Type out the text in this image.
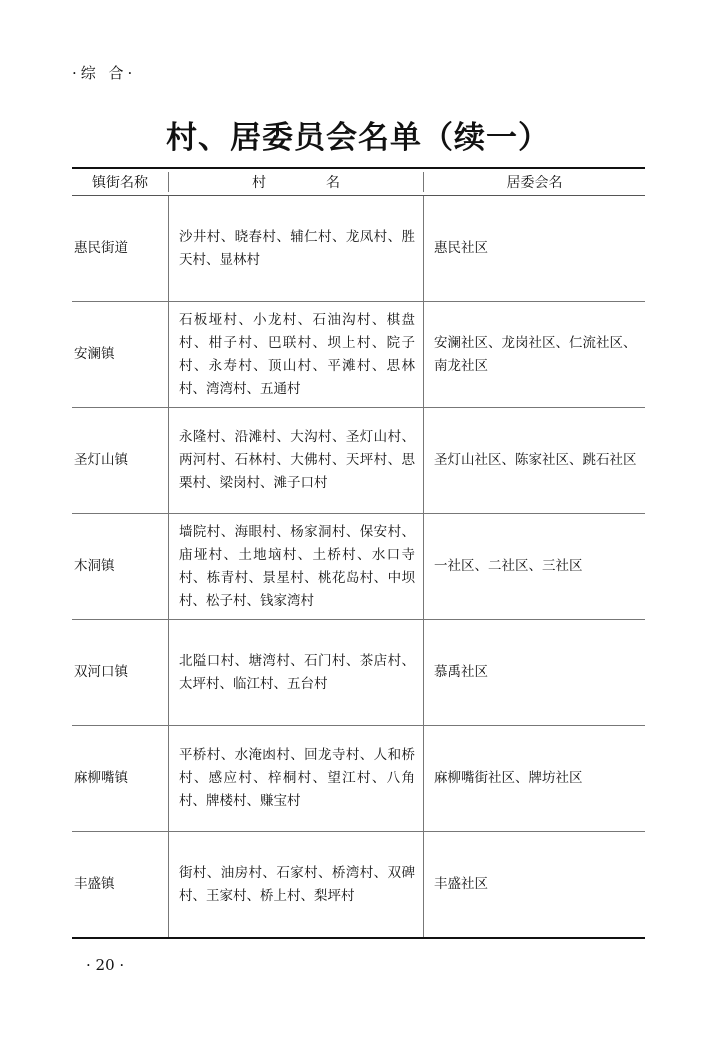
·综 合·
村、居委员会名单（续一）
镇街名称	村名	居委会名
惠民街道
沙井村、晓春村、辅仁村、龙凤村、胜天村、显林村
惠民社区
安澜镇
石板垭村、小龙村、石油沟村、棋盘村、柑子村、巴联村、坝上村、院子村、永寿村、顶山村、平滩村、思林村、湾湾村、五通村
安澜社区、龙岗社区、仁流社区、南龙社区
圣灯山镇
永隆村、沿滩村、大沟村、圣灯山村、两河村、石林村、大佛村、天坪村、思栗村、梁岗村、滩子口村
圣灯山社区、陈家社区、跳石社区
木洞镇
墙院村、海眼村、杨家洞村、保安村、庙垭村、土地垴村、土桥村、水口寺村、栋青村、景星村、桃花岛村、中坝村、松子村、钱家湾村
一社区、二社区、三社区
双河口镇
北隘口村、塘湾村、石门村、茶店村、太坪村、临江村、五台村
慕禹社区
麻柳嘴镇
平桥村、水淹凼村、回龙寺村、人和桥村、感应村、梓桐村、望江村、八角村、牌楼村、赚宝村
麻柳嘴街社区、牌坊社区
丰盛镇
街村、油房村、石家村、桥湾村、双碑村、王家村、桥上村、梨坪村
丰盛社区
· 20 ·
